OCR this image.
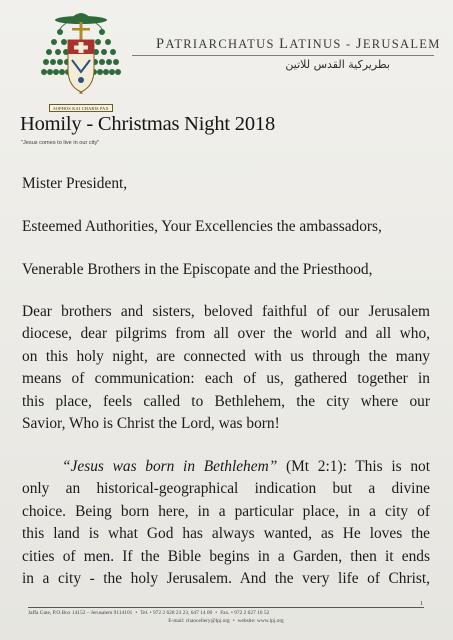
SOPHOS KAI CHARIS PAX
PATRIARCHATUS LATINUS - JERUSALEM
بطريركية القدس للاتين
Homily - Christmas Night 2018
"Jesus comes to live in our city"
Mister President,
Esteemed Authorities, Your Excellencies the ambassadors,
Venerable Brothers in the Episcopate and the Priesthood,
Dear brothers and sisters, beloved faithful of our Jerusalem
diocese, dear pilgrims from all over the world and all who,
on this holy night, are connected with us through the many
means of communication: each of us, gathered together in
this place, feels called to Bethlehem, the city where our
Savior, Who is Christ the Lord, was born!
“Jesus was born in Bethlehem” (Mt 2:1): This is not
only an historical-geographical indication but a divine
choice. Being born here, in a particular place, in a city of
this land is what God has always wanted, as He loves the
cities of men. If the Bible begins in a Garden, then it ends
in a city - the holy Jerusalem. And the very life of Christ,
1
Jaffa Gate, P.O.Box 14152 – Jerusalem 9114101 • Tel. • 972 2 628 23 23, 647 14 00 • Fax. • 972 2 627 16 52
E-mail: chancellery@lpj.org • website: www.lpj.org
